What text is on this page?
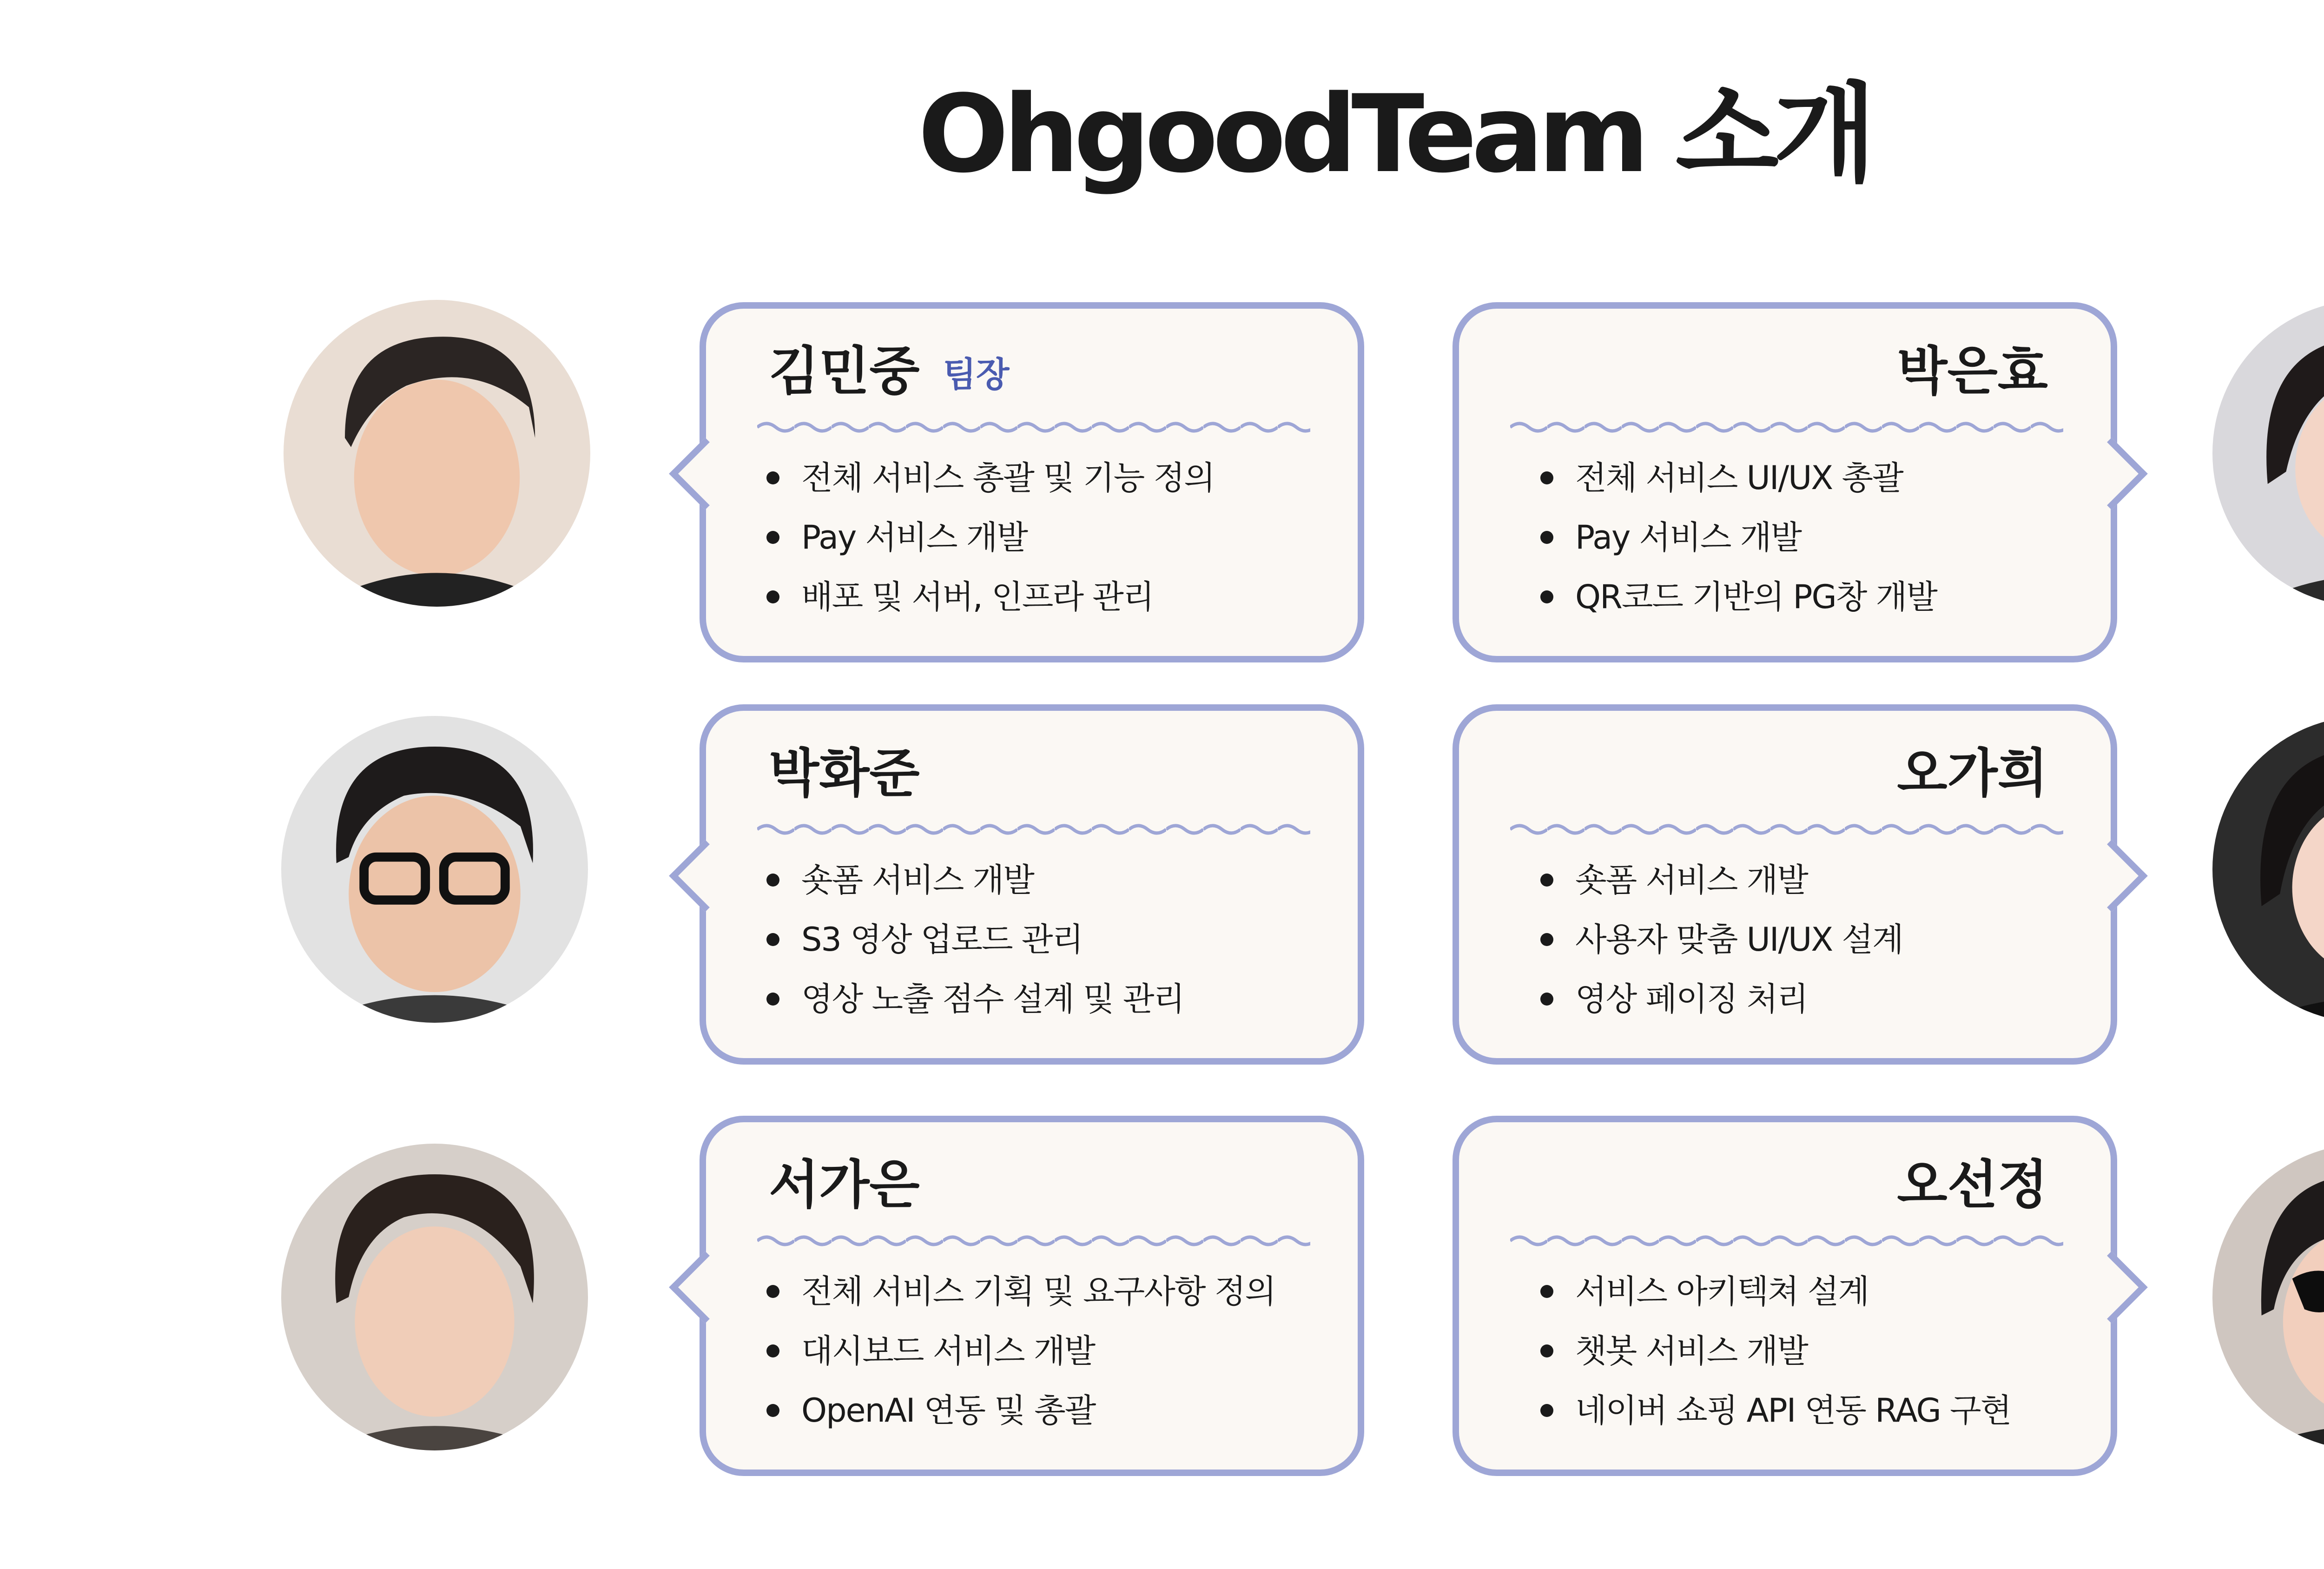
OhgoodTeam 소개
김민중 팀장
전체 서비스 총괄 및 기능 정의
Pay 서비스 개발
배포 및 서버, 인프라 관리
박은효
전체 서비스 UI/UX 총괄
Pay 서비스 개발
QR코드 기반의 PG창 개발
박화준
숏폼 서비스 개발
S3 영상 업로드 관리
영상 노출 점수 설계 및 관리
오가희
숏폼 서비스 개발
사용자 맞춤 UI/UX 설계
영상 페이징 처리
서가은
전체 서비스 기획 및 요구사항 정의
대시보드 서비스 개발
OpenAI 연동 및 총괄
오선정
서비스 아키텍쳐 설계
챗봇 서비스 개발
네이버 쇼핑 API 연동 RAG 구현
